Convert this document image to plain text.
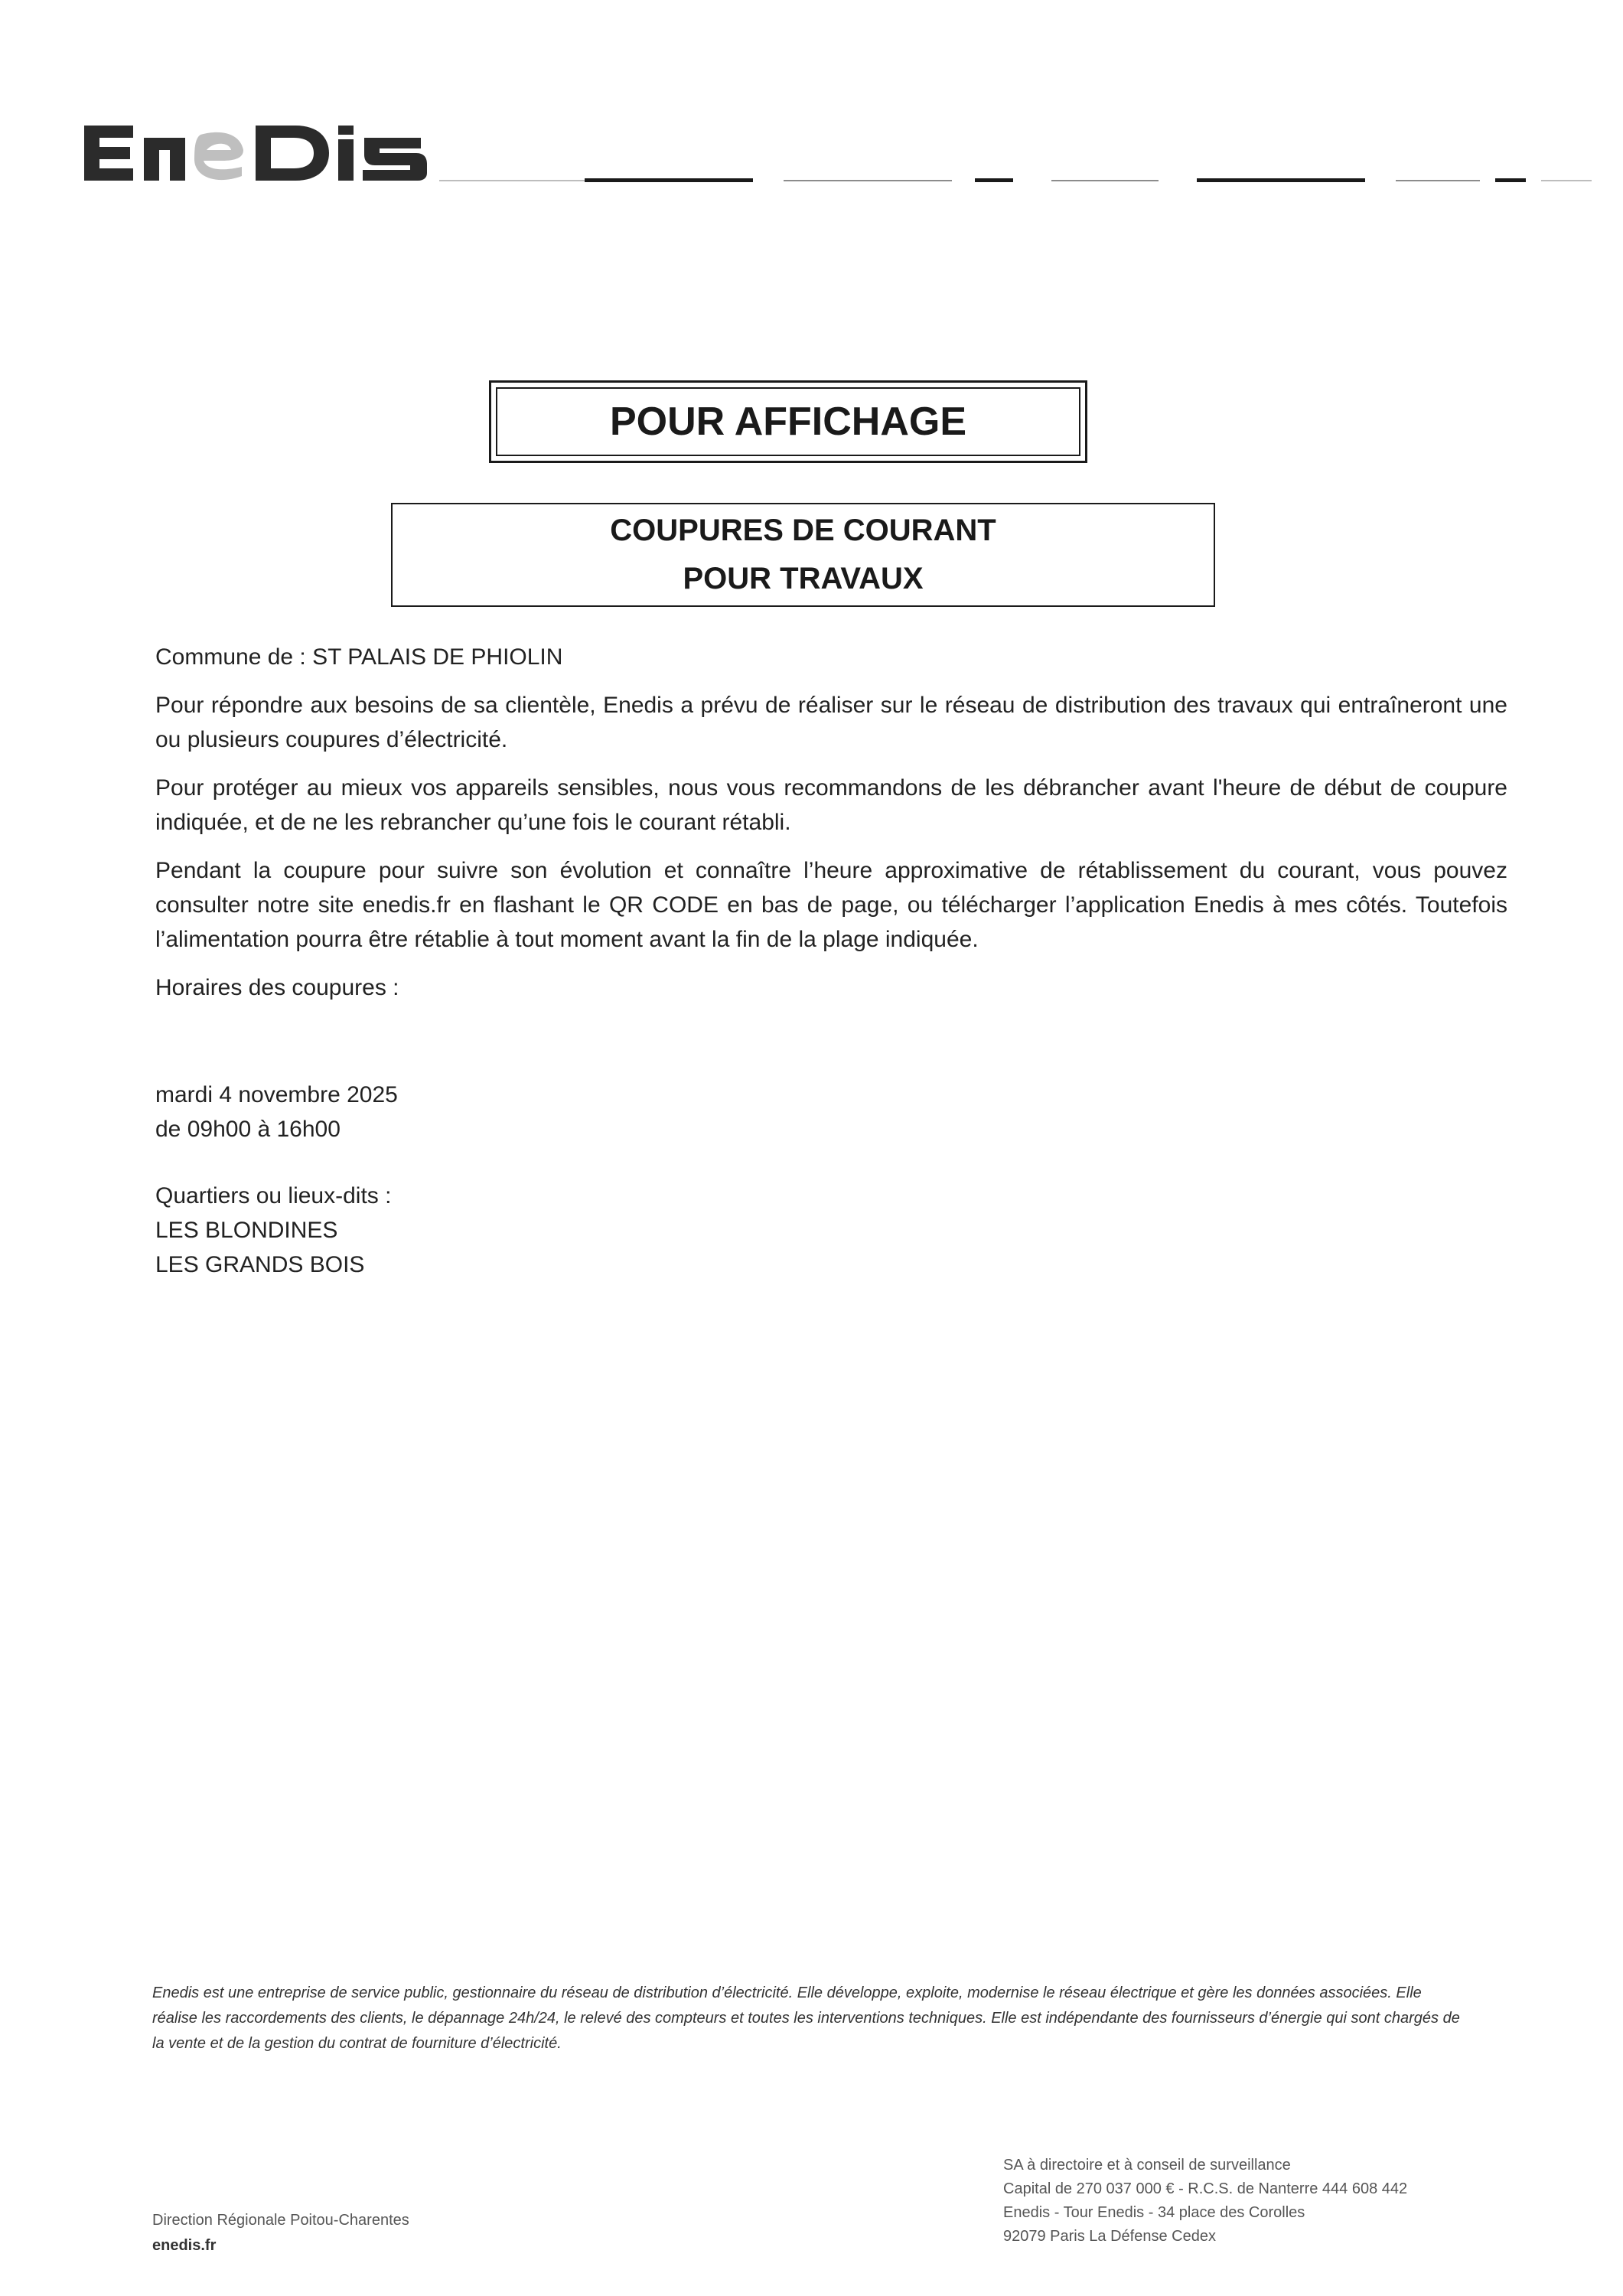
POUR AFFICHAGE
COUPURES DE COURANT
POUR TRAVAUX

Commune de : ST PALAIS DE PHIOLIN

Pour répondre aux besoins de sa clientèle, Enedis a prévu de réaliser sur le réseau de distribution des travaux qui entraîneront une ou plusieurs coupures d’électricité.

Pour protéger au mieux vos appareils sensibles, nous vous recommandons de les débrancher avant l'heure de début de coupure indiquée, et de ne les rebrancher qu’une fois le courant rétabli.

Pendant la coupure pour suivre son évolution et connaître l’heure approximative de rétablissement du courant, vous pouvez consulter notre site enedis.fr en flashant le QR CODE en bas de page, ou télécharger l’application Enedis à mes côtés. Toutefois l’alimentation pourra être rétablie à tout moment avant la fin de la plage indiquée.

Horaires des coupures :

mardi 4 novembre 2025
de 09h00 à 16h00
Quartiers ou lieux-dits :
LES BLONDINES
LES GRANDS BOIS
Enedis est une entreprise de service public, gestionnaire du réseau de distribution d’électricité. Elle développe, exploite, modernise le réseau électrique et gère les données associées. Elle réalise les raccordements des clients, le dépannage 24h/24, le relevé des compteurs et toutes les interventions techniques. Elle est indépendante des fournisseurs d’énergie qui sont chargés de la vente et de la gestion du contrat de fourniture d’électricité.
Direction Régionale Poitou-Charentes
enedis.fr
SA à directoire et à conseil de surveillance
Capital de 270 037 000 € - R.C.S. de Nanterre 444 608 442
Enedis - Tour Enedis - 34 place des Corolles
92079 Paris La Défense Cedex
